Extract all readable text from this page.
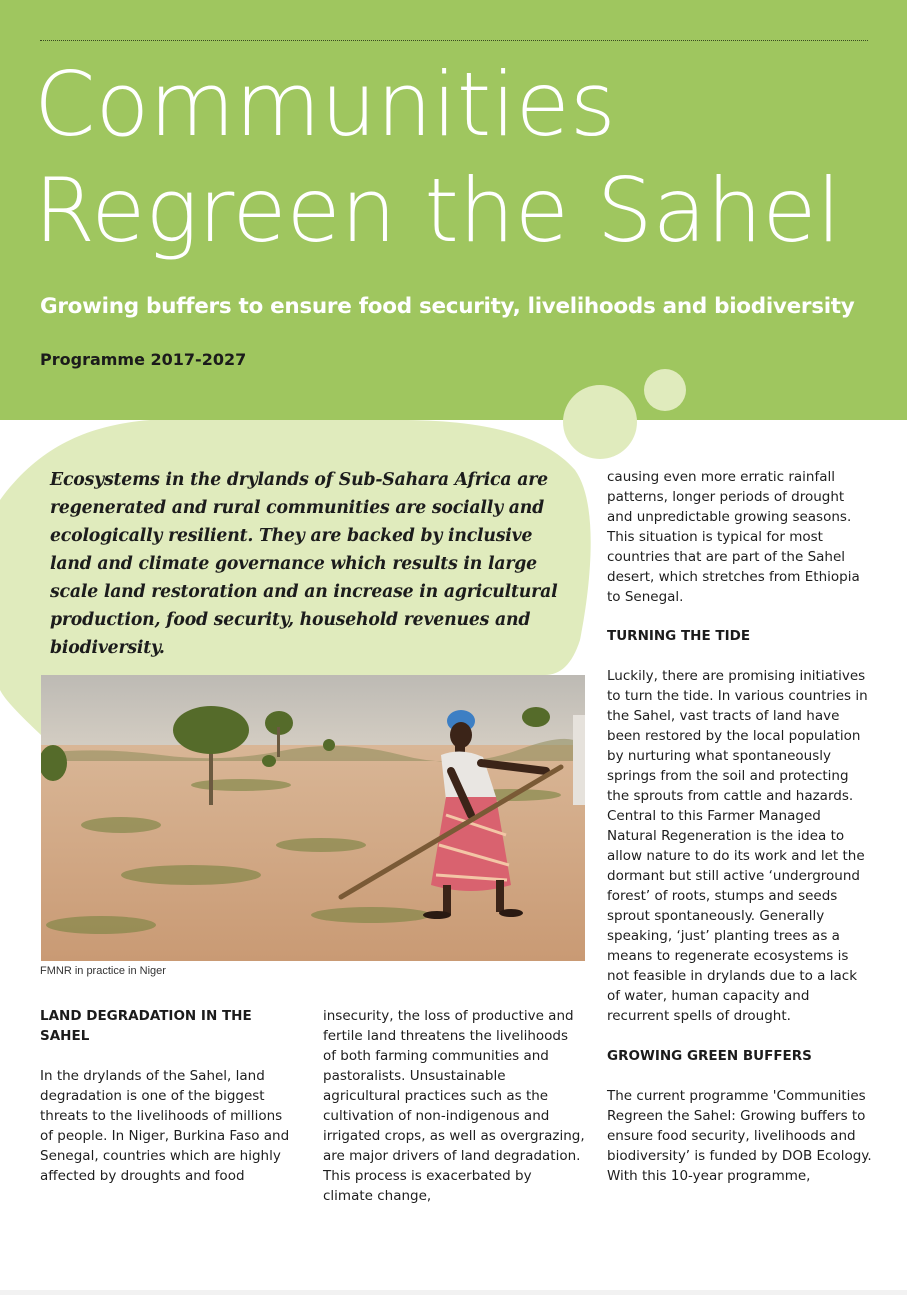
Communities
Regreen the Sahel

Growing buffers to ensure food security, livelihoods and biodiversity

Programme 2017-2027

Ecosystems in the drylands of Sub-Sahara Africa are regenerated and rural communities are socially and ecologically resilient. They are backed by inclusive land and climate governance which results in large scale land restoration and an increase in agricultural production, food security, household revenues and biodiversity.

FMNR in practice in Niger

LAND DEGRADATION IN THE SAHEL

In the drylands of the Sahel, land degradation is one of the biggest threats to the livelihoods of millions of people. In Niger, Burkina Faso and Senegal, countries which are highly affected by droughts and food

insecurity, the loss of productive and fertile land threatens the livelihoods of both farming communities and pastoralists. Unsustainable agricultural practices such as the cultivation of non-indigenous and irrigated crops, as well as overgrazing, are major drivers of land degradation. This process is exacerbated by climate change,

causing even more erratic rainfall patterns, longer periods of drought and unpredictable growing seasons. This situation is typical for most countries that are part of the Sahel desert, which stretches from Ethiopia to Senegal.

TURNING THE TIDE

Luckily, there are promising initiatives to turn the tide. In various countries in the Sahel, vast tracts of land have been restored by the local population by nurturing what spontaneously springs from the soil and protecting the sprouts from cattle and hazards. Central to this Farmer Managed Natural Regeneration is the idea to allow nature to do its work and let the dormant but still active ‘underground forest’ of roots, stumps and seeds sprout spontaneously. Generally speaking, ‘just’ planting trees as a means to regenerate ecosystems is not feasible in drylands due to a lack of water, human capacity and recurrent spells of drought.

GROWING GREEN BUFFERS

The current programme 'Communities Regreen the Sahel: Growing buffers to ensure food security, livelihoods and biodiversity’ is funded by DOB Ecology. With this 10-year programme,
